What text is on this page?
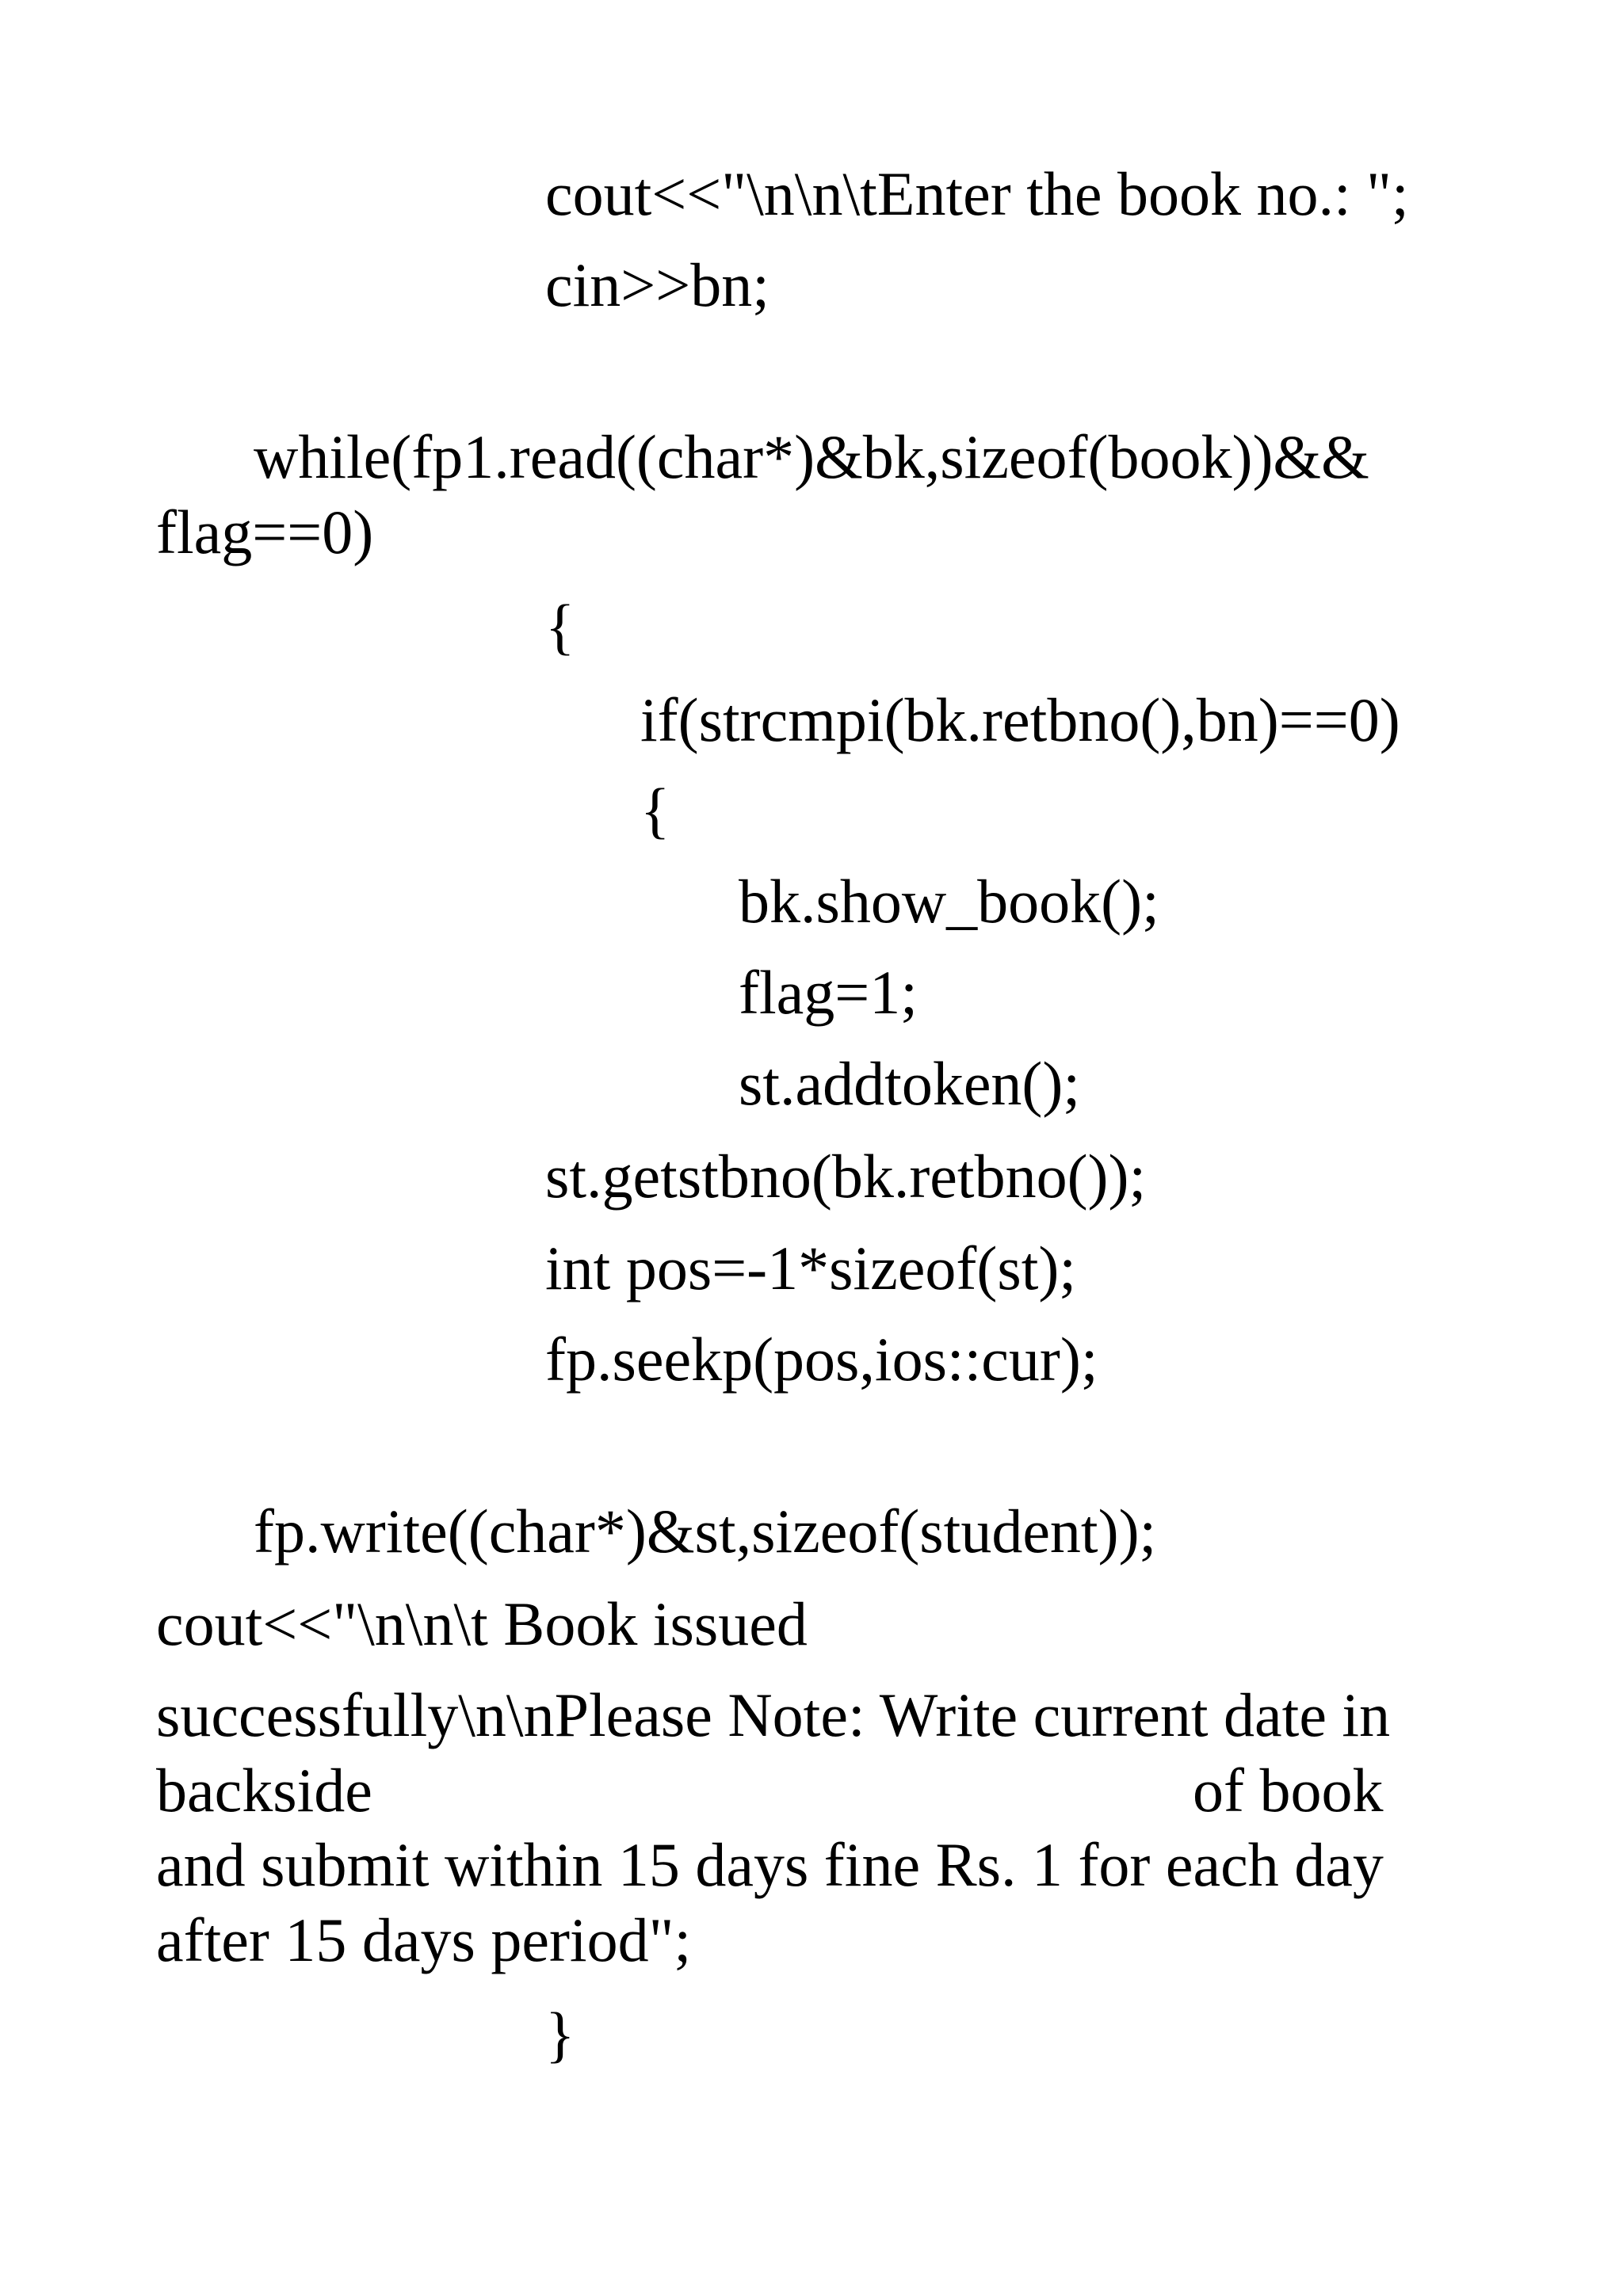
cout<<"\n\n\tEnter the book no.: ";
cin>>bn;
while(fp1.read((char*)&bk,sizeof(book))&&
flag==0)
{
if(strcmpi(bk.retbno(),bn)==0)
{
bk.show_book();
flag=1;
st.addtoken();
st.getstbno(bk.retbno());
int pos=-1*sizeof(st);
fp.seekp(pos,ios::cur);
fp.write((char*)&st,sizeof(student));
cout<<"\n\n\t Book issued
successfully\n\nPlease Note: Write current date in
backside	of book
and submit within 15 days fine Rs. 1 for each day
after 15 days period";
}
